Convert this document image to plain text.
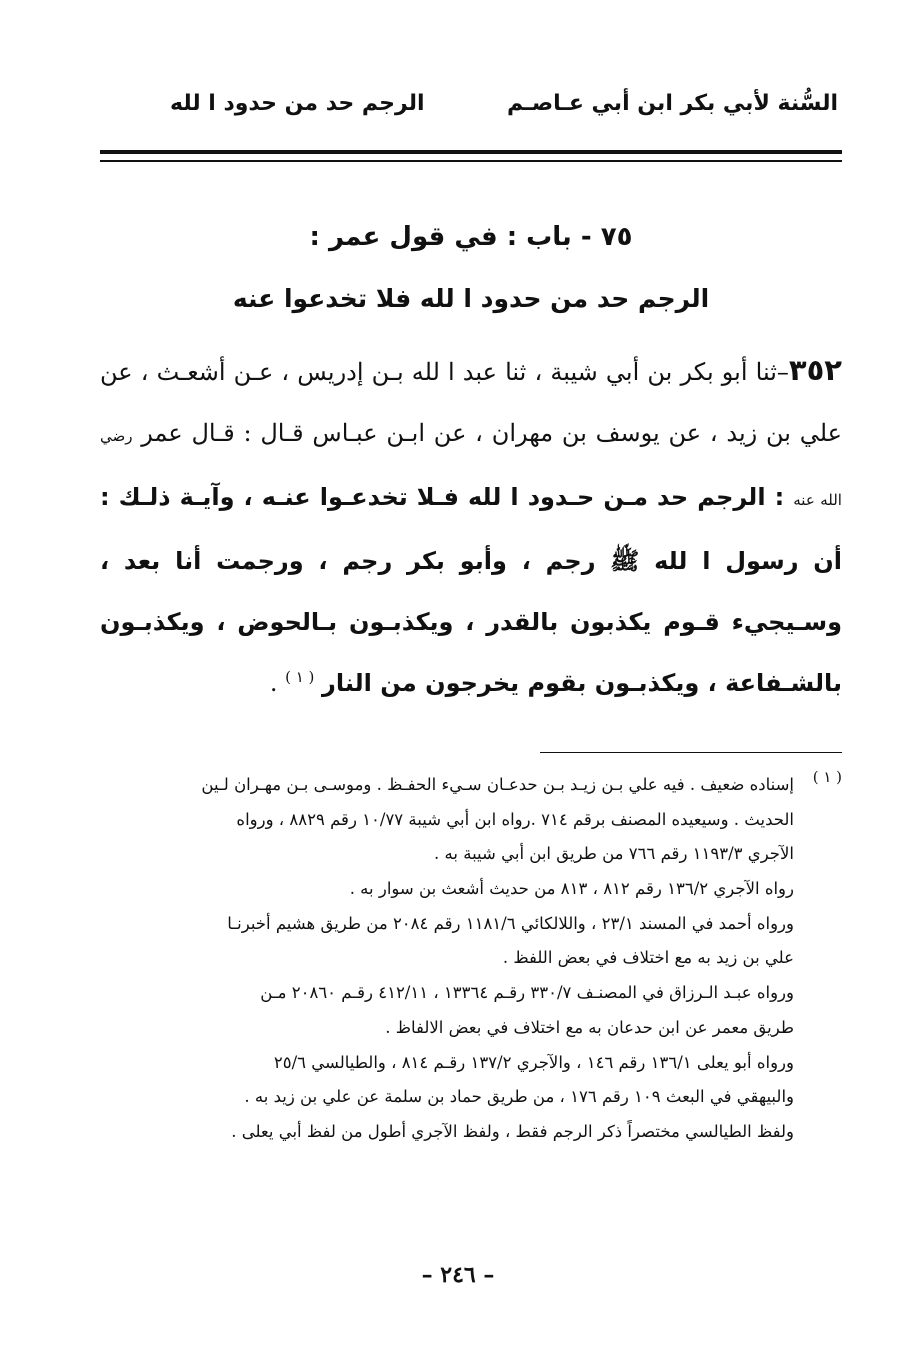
السُّنة لأبي بكر ابن أبي عـاصـم
الرجم حد من حدود ا لله
٧٥ - باب : في قول عمر :
الرجم حد من حدود ا لله فلا تخدعوا عنه
٣٥٢–ثنا أبو بكر بن أبي شيبة ، ثنا عبد ا لله بـن إدريس ، عـن أشعـث ، عن علي بن زيد ، عن يوسف بن مهران ، عن ابـن عبـاس قـال : قـال عمر رضي الله عنه : الرجم حد مـن حـدود ا لله فـلا تخدعـوا عنـه ، وآيـة ذلـك : أن رسول ا لله ﷺ رجم ، وأبو بكر رجم ، ورجمت أنا بعد ، وسـيجيء قـوم يكذبون بالقدر ، ويكذبـون بـالحوض ، ويكذبـون بالشـفاعة ، ويكذبـون بقوم يخرجون من النار $^{( ١ )}$ .
( ١ )
إسناده ضعيف . فيه علي بـن زيـد بـن حدعـان سـيء الحفـظ . وموسـى بـن مهـران لـين
الحديث . وسيعيده المصنف برقم ٧١٤ .رواه ابن أبي شيبة ١٠/٧٧ رقم ٨٨٢٩ ، ورواه
الآجري ١١٩٣/٣ رقم ٧٦٦ من طريق ابن أبي شيبة به .
رواه الآجري ١٣٦/٢ رقم ٨١٢ ، ٨١٣ من حديث أشعث بن سوار به .
ورواه أحمد في المسند ٢٣/١ ، واللالكائي ١١٨١/٦ رقم ٢٠٨٤ من طريق هشيم أخبرنـا
علي بن زيد به مع اختلاف في بعض اللفظ .
ورواه عبـد الـرزاق في المصنـف ٣٣٠/٧ رقـم ١٣٣٦٤ ، ٤١٢/١١ رقـم ٢٠٨٦٠ مـن
طريق معمر عن ابن حدعان به مع اختلاف في بعض الالفاظ .
ورواه أبو يعلى ١٣٦/١ رقم ١٤٦ ، والآجري ١٣٧/٢ رقـم ٨١٤ ، والطيالسي ٢٥/٦
والبيهقي في البعث ١٠٩ رقم ١٧٦ ، من طريق حماد بن سلمة عن علي بن زيد به .
ولفظ الطيالسي مختصراً ذكر الرجم فقط ، ولفظ الآجري أطول من لفظ أبي يعلى .
– ٢٤٦ –
